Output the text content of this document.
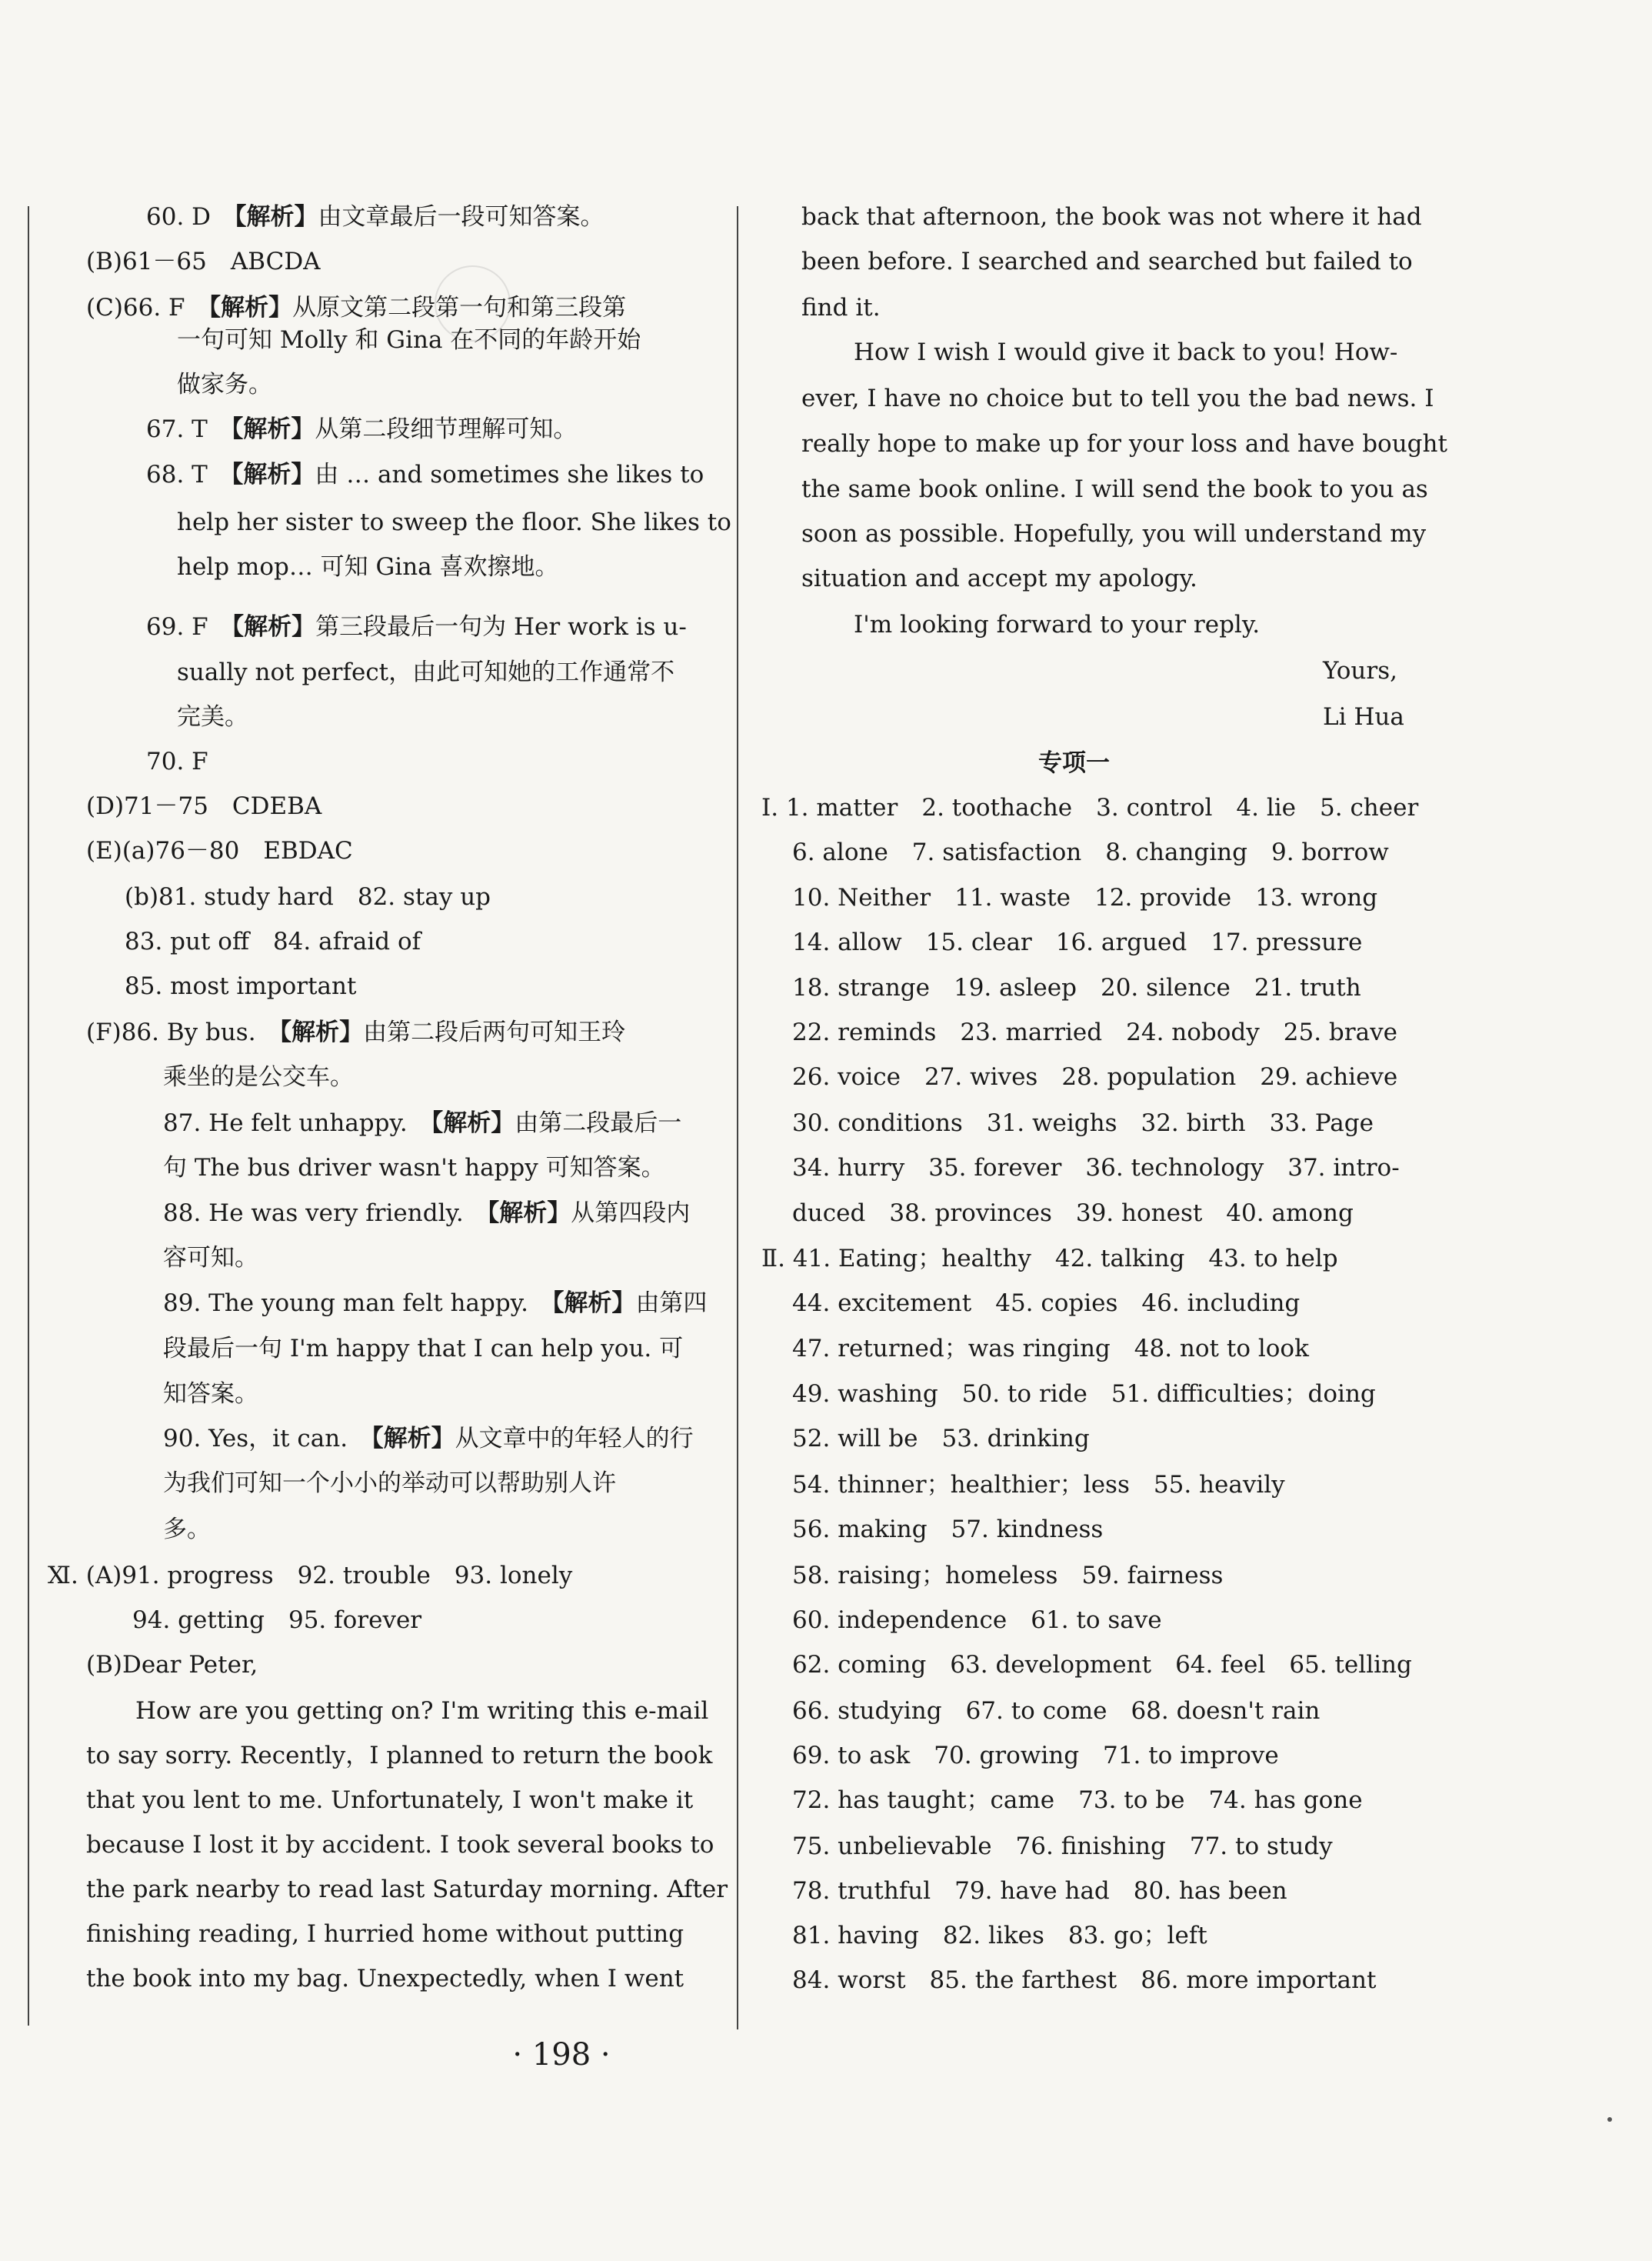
60. D　 【解析】由文章最后一段可知答案。
(B)61－65　ABCDA
(C)66. F　 【解析】从原文第二段第一句和第三段第
一句可知 Molly 和 Gina 在不同的年龄开始
做家务。
67. T　 【解析】从第二段细节理解可知。
68. T　 【解析】由 … and sometimes she likes to
help her sister to sweep the floor. She likes to
help mop… 可知 Gina 喜欢擦地。
69. F　 【解析】第三段最后一句为 Her work is u-
sually not perfect，由此可知她的工作通常不
完美。
70. F
(D)71－75　CDEBA
(E)(a)76－80　EBDAC
(b)81. study hard　82. stay up
83. put off　84. afraid of
85. most important
(F)86. By bus.　 【解析】由第二段后两句可知王玲
乘坐的是公交车。
87. He felt unhappy.　 【解析】由第二段最后一
句 The bus driver wasn't happy 可知答案。
88. He was very friendly.　 【解析】从第四段内
容可知。
89. The young man felt happy.　 【解析】由第四
段最后一句 I'm happy that I can help you. 可
知答案。
90. Yes，it can.　 【解析】从文章中的年轻人的行
为我们可知一个小小的举动可以帮助别人许
多。
Ⅺ. (A)91. progress　92. trouble　93. lonely
94. getting　95. forever
(B)Dear Peter,
How are you getting on? I'm writing this e-mail
to say sorry. Recently，I planned to return the book
that you lent to me. Unfortunately, I won't make it
because I lost it by accident. I took several books to
the park nearby to read last Saturday morning. After
finishing reading, I hurried home without putting
the book into my bag. Unexpectedly, when I went
back that afternoon, the book was not where it had
been before. I searched and searched but failed to
find it.
How I wish I would give it back to you! How-
ever, I have no choice but to tell you the bad news. I
really hope to make up for your loss and have bought
the same book online. I will send the book to you as
soon as possible. Hopefully, you will understand my
situation and accept my apology.
I'm looking forward to your reply.
Yours,
Li Hua
专项一
Ⅰ. 1. matter　2. toothache　3. control　4. lie　5. cheer
6. alone　7. satisfaction　8. changing　9. borrow
10. Neither　11. waste　12. provide　13. wrong
14. allow　15. clear　16. argued　17. pressure
18. strange　19. asleep　20. silence　21. truth
22. reminds　23. married　24. nobody　25. brave
26. voice　27. wives　28. population　29. achieve
30. conditions　31. weighs　32. birth　33. Page
34. hurry　35. forever　36. technology　37. intro-
duced　38. provinces　39. honest　40. among
Ⅱ. 41. Eating；healthy　42. talking　43. to help
44. excitement　45. copies　46. including
47. returned；was ringing　48. not to look
49. washing　50. to ride　51. difficulties；doing
52. will be　53. drinking
54. thinner；healthier；less　55. heavily
56. making　57. kindness
58. raising；homeless　59. fairness
60. independence　61. to save
62. coming　63. development　64. feel　65. telling
66. studying　67. to come　68. doesn't rain
69. to ask　70. growing　71. to improve
72. has taught；came　73. to be　74. has gone
75. unbelievable　76. finishing　77. to study
78. truthful　79. have had　80. has been
81. having　82. likes　83. go；left
84. worst　85. the farthest　86. more important
· 198 ·
